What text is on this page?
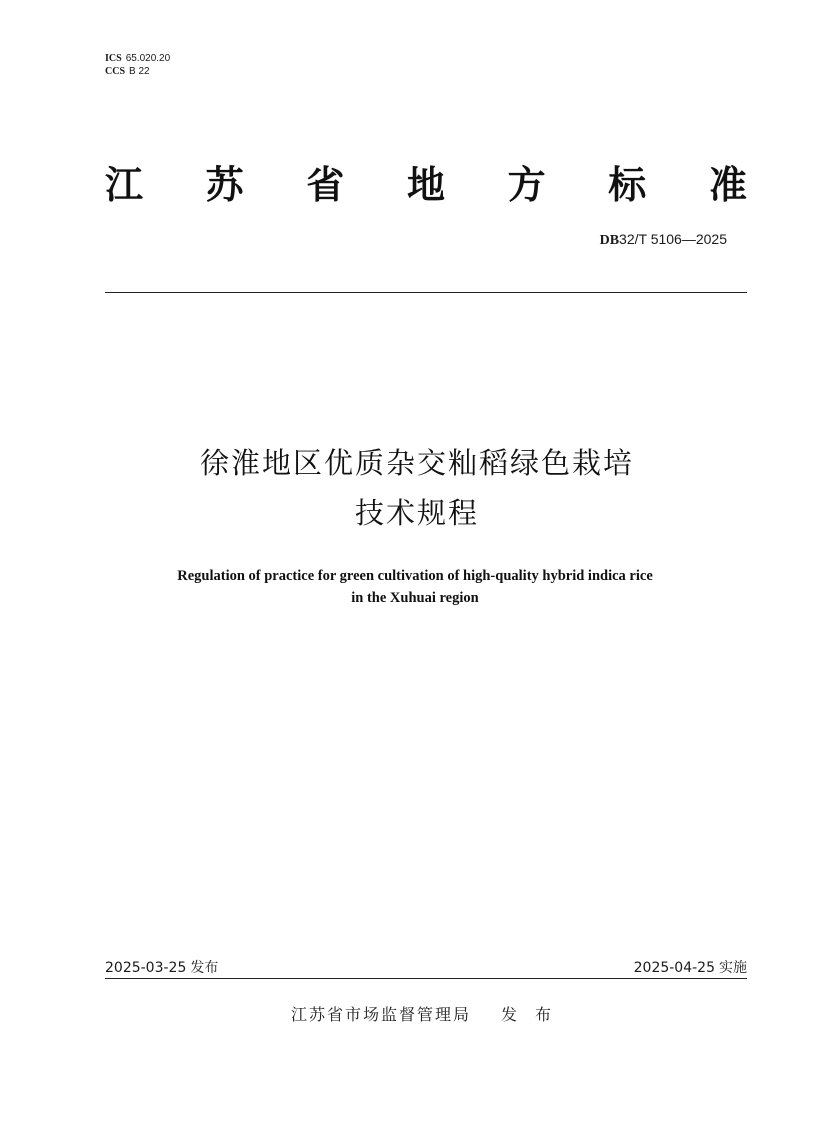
ICS 65.020.20
CCS B 22
江 苏 省 地 方 标 准
DB32/T 5106—2025
徐淮地区优质杂交籼稻绿色栽培
技术规程
Regulation of practice for green cultivation of high-quality hybrid indica rice
in the Xuhuai region
2025-03-25 发布	2025-04-25 实施
江苏省市场监督管理局 发布
